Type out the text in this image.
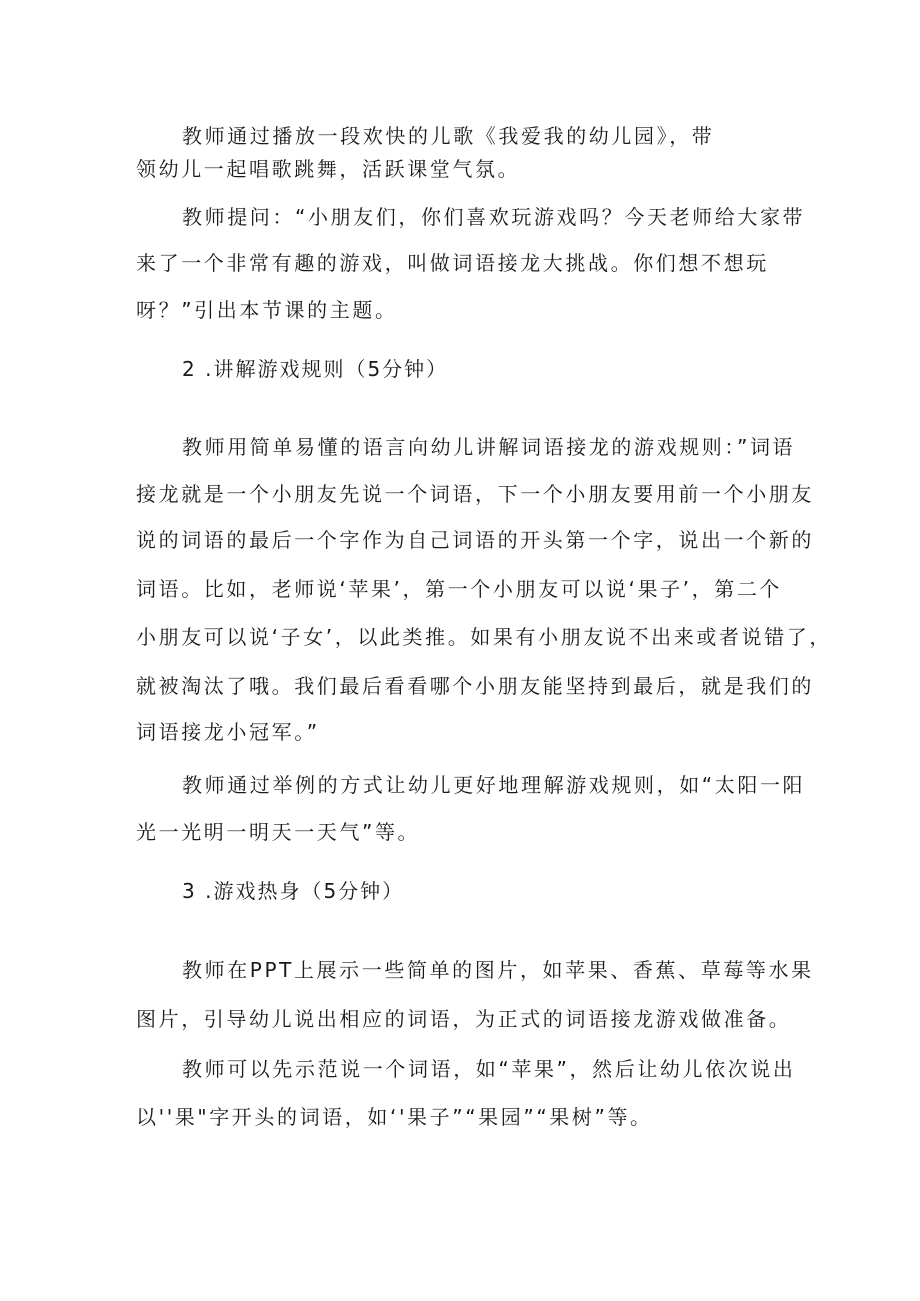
教师通过播放一段欢快的儿歌《我爱我的幼儿园》，带

领幼儿一起唱歌跳舞，活跃课堂气氛。

教师提问：“小朋友们，你们喜欢玩游戏吗？今天老师给大家带

来了一个非常有趣的游戏，叫做词语接龙大挑战。你们想不想玩

呀？”引出本节课的主题。

2 .讲解游戏规则（5分钟）

教师用简单易懂的语言向幼儿讲解词语接龙的游戏规则：”词语

接龙就是一个小朋友先说一个词语，下一个小朋友要用前一个小朋友

说的词语的最后一个字作为自己词语的开头第一个字，说出一个新的

词语。比如，老师说‘苹果’，第一个小朋友可以说‘果子’，第二个

小朋友可以说‘子女’，以此类推。如果有小朋友说不出来或者说错了，

就被淘汰了哦。我们最后看看哪个小朋友能坚持到最后，就是我们的

词语接龙小冠军。”

教师通过举例的方式让幼儿更好地理解游戏规则，如“太阳一阳

光一光明一明天一天气”等。

3 .游戏热身（5分钟）

教师在PPT上展示一些简单的图片，如苹果、香蕉、草莓等水果

图片，引导幼儿说出相应的词语，为正式的词语接龙游戏做准备。

教师可以先示范说一个词语，如“苹果”，然后让幼儿依次说出

以''果"字开头的词语，如‘'果子”“果园”“果树”等。
